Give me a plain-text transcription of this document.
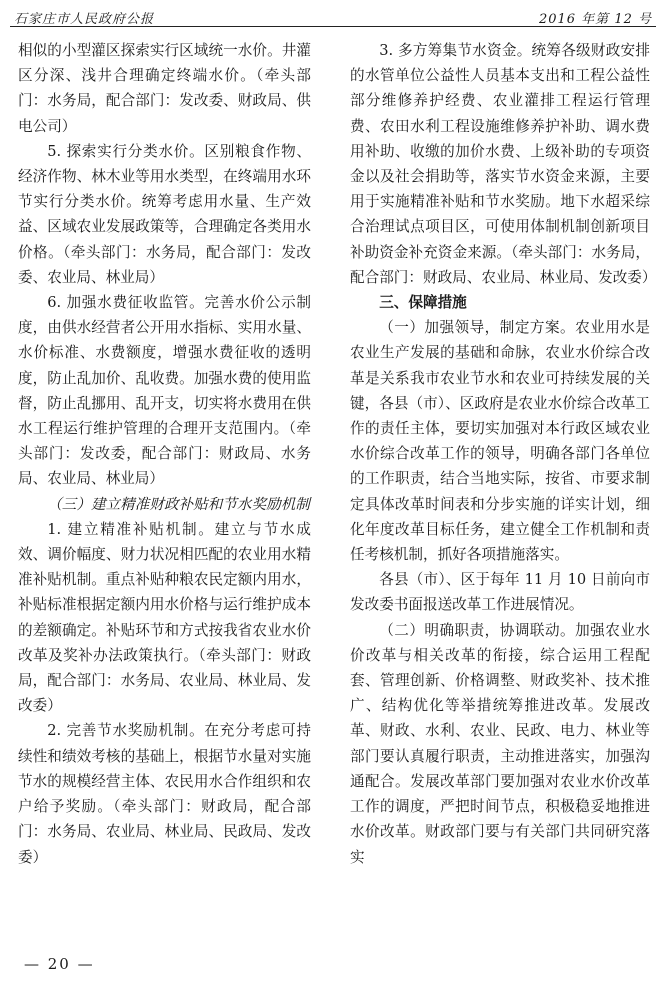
石家庄市人民政府公报	2016 年第 12 号

相似的小型灌区探索实行区域统一水价。井灌区分深、浅井合理确定终端水价。（牵头部门：水务局，配合部门：发改委、财政局、供电公司）

5. 探索实行分类水价。区别粮食作物、经济作物、林木业等用水类型，在终端用水环节实行分类水价。统筹考虑用水量、生产效益、区域农业发展政策等，合理确定各类用水价格。（牵头部门：水务局，配合部门：发改委、农业局、林业局）

6. 加强水费征收监管。完善水价公示制度，由供水经营者公开用水指标、实用水量、水价标准、水费额度，增强水费征收的透明度，防止乱加价、乱收费。加强水费的使用监督，防止乱挪用、乱开支，切实将水费用在供水工程运行维护管理的合理开支范围内。（牵头部门：发改委，配合部门：财政局、水务局、农业局、林业局）

（三）建立精准财政补贴和节水奖励机制

1. 建立精准补贴机制。建立与节水成效、调价幅度、财力状况相匹配的农业用水精准补贴机制。重点补贴种粮农民定额内用水，补贴标准根据定额内用水价格与运行维护成本的差额确定。补贴环节和方式按我省农业水价改革及奖补办法政策执行。（牵头部门：财政局，配合部门：水务局、农业局、林业局、发改委）

2. 完善节水奖励机制。在充分考虑可持续性和绩效考核的基础上，根据节水量对实施节水的规模经营主体、农民用水合作组织和农户给予奖励。（牵头部门：财政局，配合部门：水务局、农业局、林业局、民政局、发改委）

3. 多方筹集节水资金。统筹各级财政安排的水管单位公益性人员基本支出和工程公益性部分维修养护经费、农业灌排工程运行管理费、农田水利工程设施维修养护补助、调水费用补助、收缴的加价水费、上级补助的专项资金以及社会捐助等，落实节水资金来源，主要用于实施精准补贴和节水奖励。地下水超采综合治理试点项目区，可使用体制机制创新项目补助资金补充资金来源。（牵头部门：水务局，配合部门：财政局、农业局、林业局、发改委）

三、保障措施

（一）加强领导，制定方案。农业用水是农业生产发展的基础和命脉，农业水价综合改革是关系我市农业节水和农业可持续发展的关键，各县（市）、区政府是农业水价综合改革工作的责任主体，要切实加强对本行政区域农业水价综合改革工作的领导，明确各部门各单位的工作职责，结合当地实际，按省、市要求制定具体改革时间表和分步实施的详实计划，细化年度改革目标任务，建立健全工作机制和责任考核机制，抓好各项措施落实。

各县（市）、区于每年 11 月 10 日前向市发改委书面报送改革工作进展情况。

（二）明确职责，协调联动。加强农业水价改革与相关改革的衔接，综合运用工程配套、管理创新、价格调整、财政奖补、技术推广、结构优化等举措统筹推进改革。发展改革、财政、水利、农业、民政、电力、林业等部门要认真履行职责，主动推进落实，加强沟通配合。发展改革部门要加强对农业水价改革工作的调度，严把时间节点，积极稳妥地推进水价改革。财政部门要与有关部门共同研究落实

— 20 —
